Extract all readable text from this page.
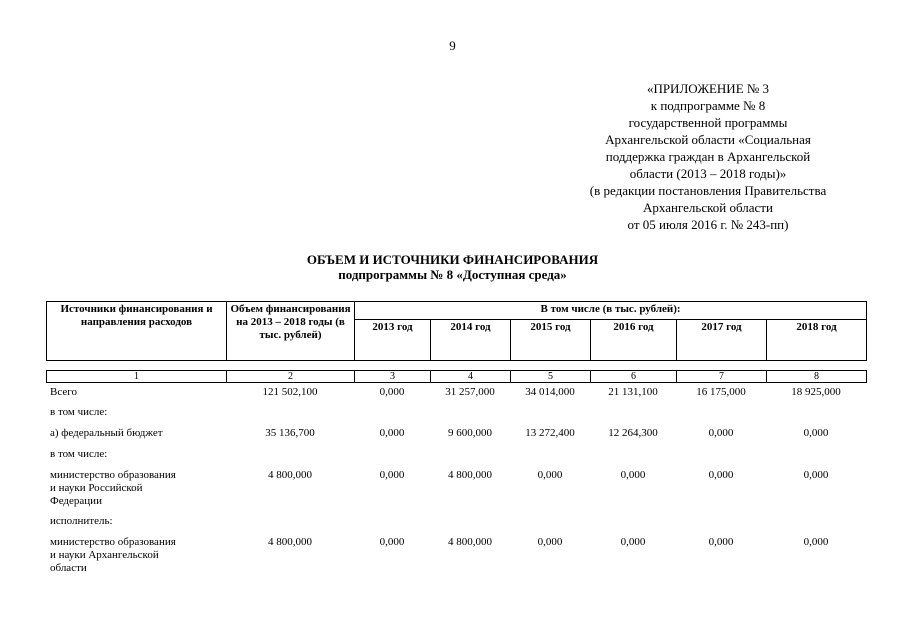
9
«ПРИЛОЖЕНИЕ № 3
к подпрограмме № 8
государственной программы
Архангельской области «Социальная
поддержка граждан в Архангельской
области (2013 – 2018 годы)»
(в редакции постановления Правительства
Архангельской области
от 05 июля 2016 г. № 243-пп)
ОБЪЕМ И ИСТОЧНИКИ ФИНАНСИРОВАНИЯ
подпрограммы № 8 «Доступная среда»
Источники финансирования и направления расходов	Объем финансирования на 2013 – 2018 годы (в тыс. рублей)	В том числе (в тыс. рублей):					
		2013 год	2014 год	2015 год	2016 год	2017 год	2018 год
1	2	3	4	5	6	7	8
Всего	121 502,100	0,000	31 257,000	34 014,000	21 131,100	16 175,000	18 925,000
в том числе:
а) федеральный бюджет	35 136,700	0,000	9 600,000	13 272,400	12 264,300	0,000	0,000
в том числе:
министерство образования
и науки Российской
Федерации
4 800,000	0,000	4 800,000	0,000	0,000	0,000	0,000
исполнитель:
министерство образования
и науки Архангельской
области
4 800,000	0,000	4 800,000	0,000	0,000	0,000	0,000
